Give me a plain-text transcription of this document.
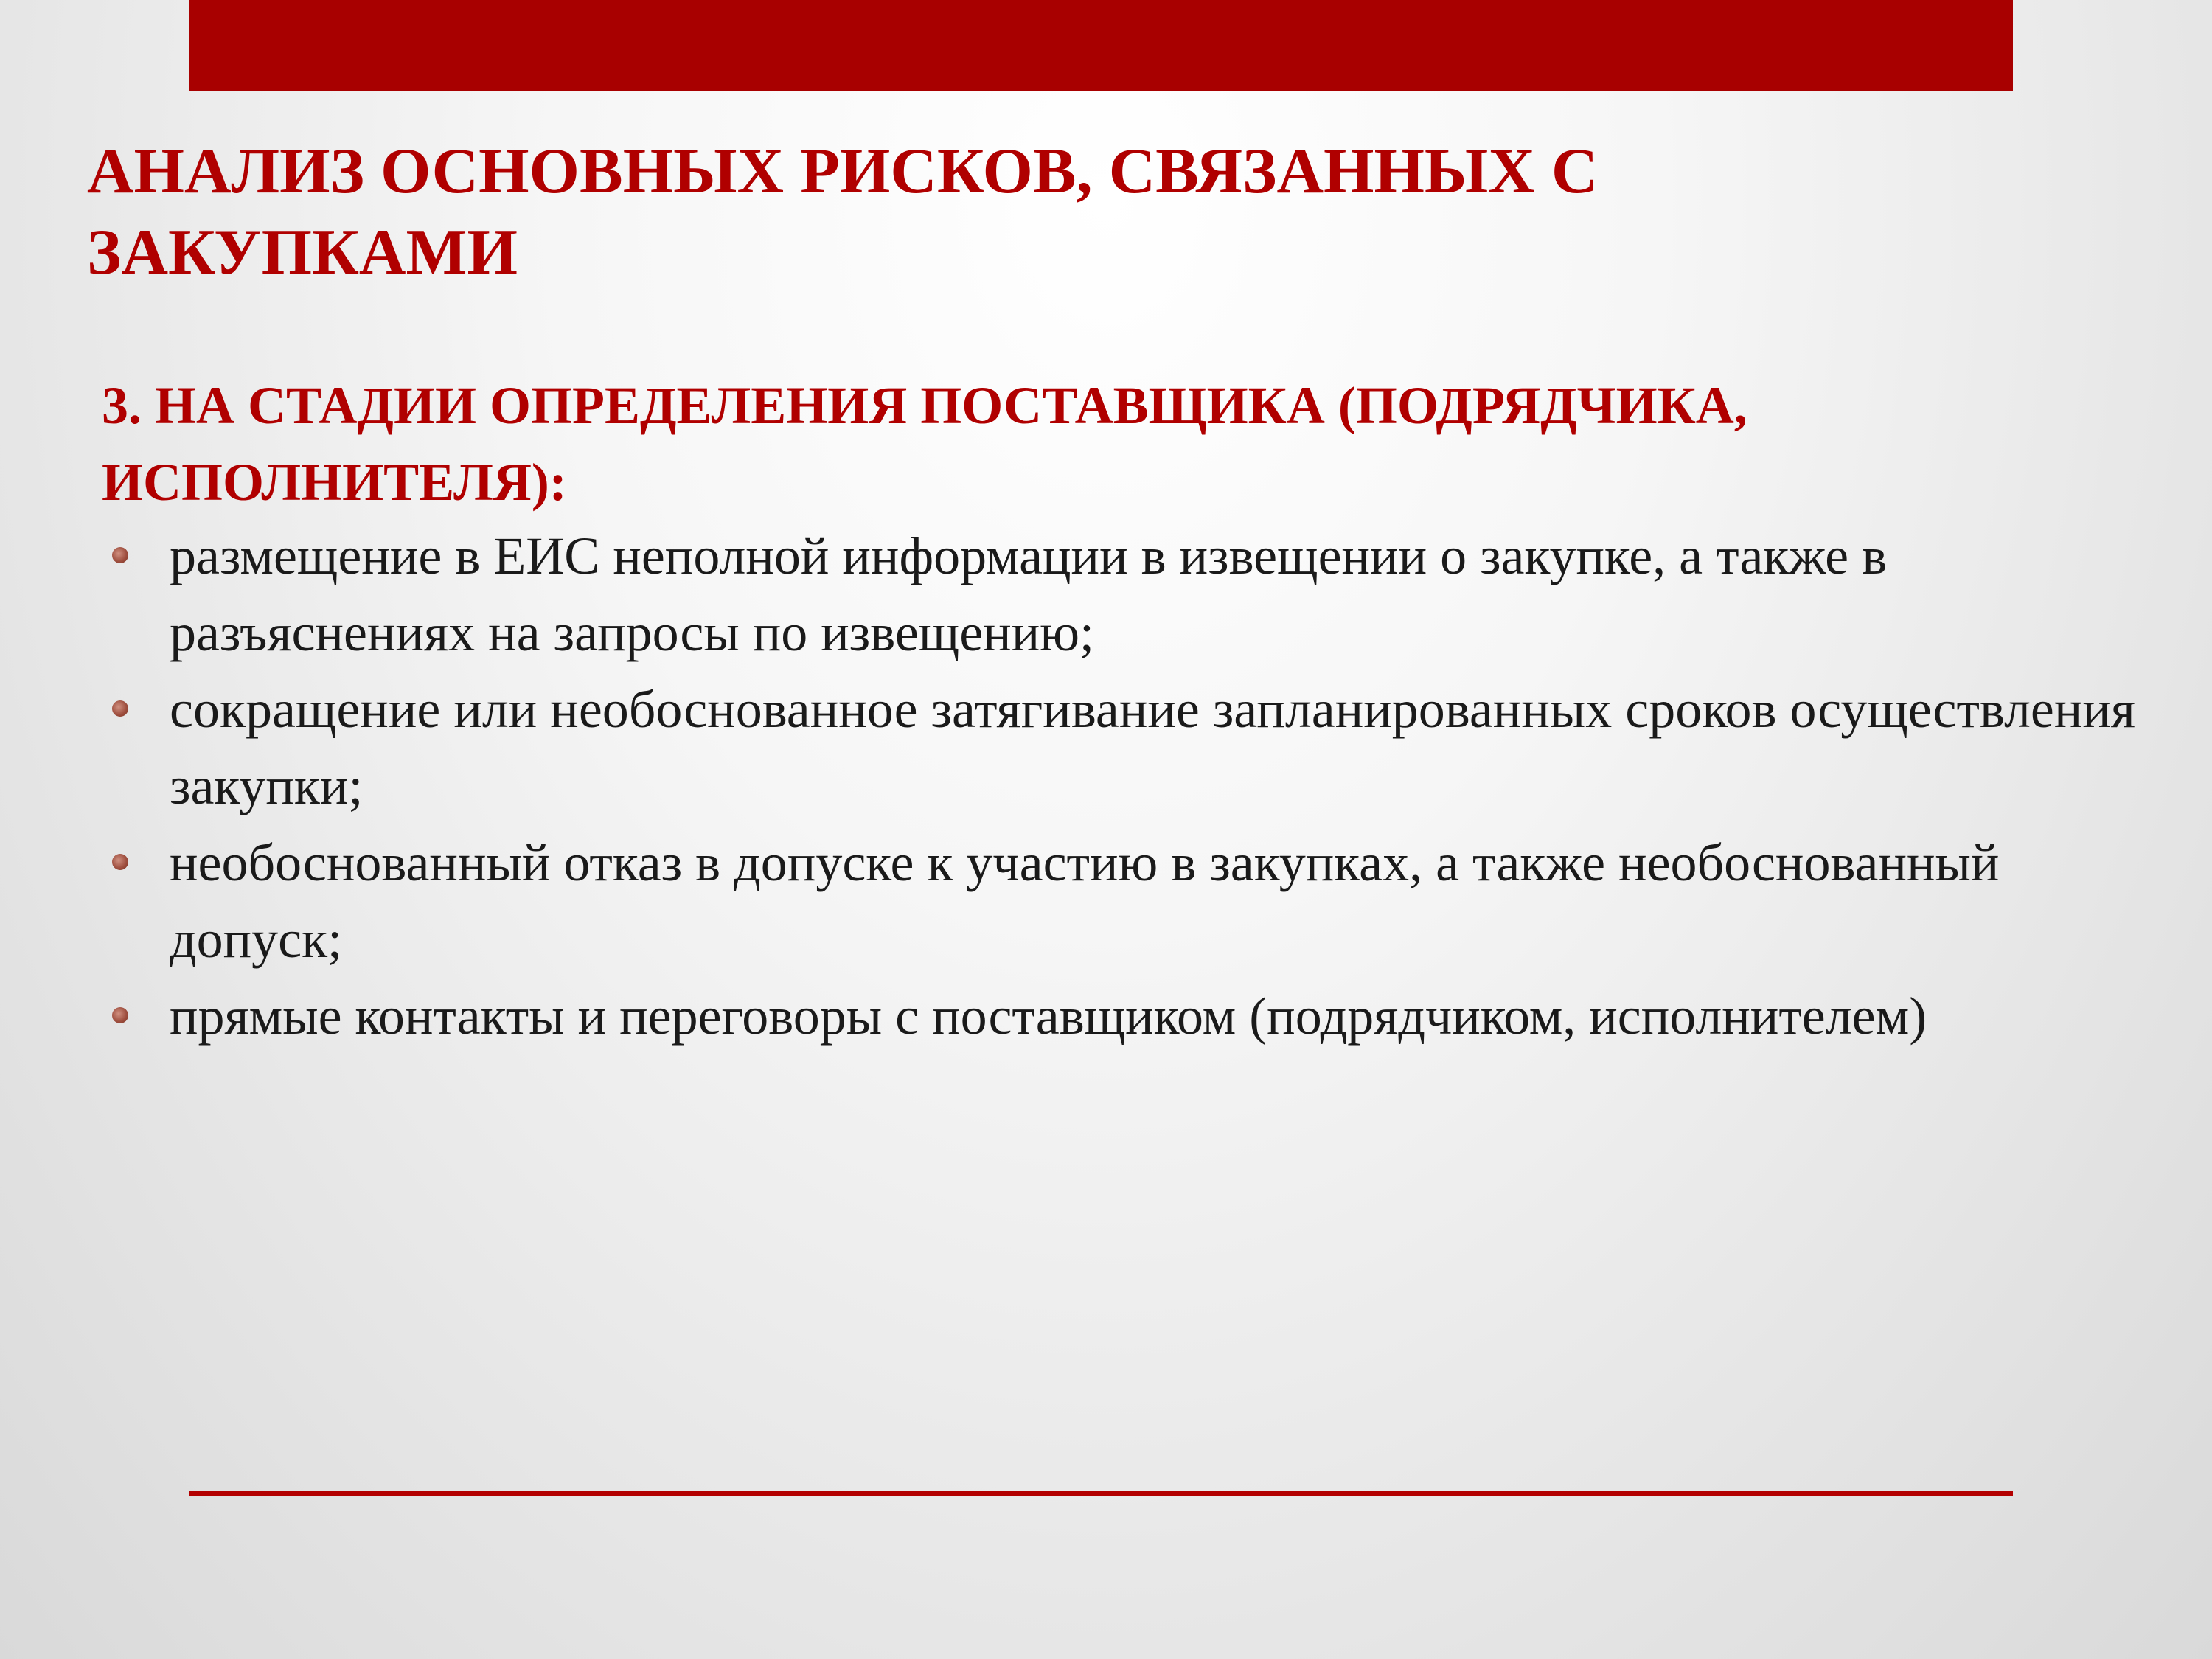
АНАЛИЗ ОСНОВНЫХ РИСКОВ, СВЯЗАННЫХ С ЗАКУПКАМИ

3. НА СТАДИИ ОПРЕДЕЛЕНИЯ ПОСТАВЩИКА (ПОДРЯДЧИКА, ИСПОЛНИТЕЛЯ):

размещение в ЕИС неполной информации в извещении о закупке, а также в разъяснениях на запросы по извещению;
сокращение или необоснованное затягивание запланированных сроков осуществления закупки;
необоснованный отказ в допуске к участию в закупках, а также необоснованный допуск;
прямые контакты и переговоры с поставщиком (подрядчиком, исполнителем)
